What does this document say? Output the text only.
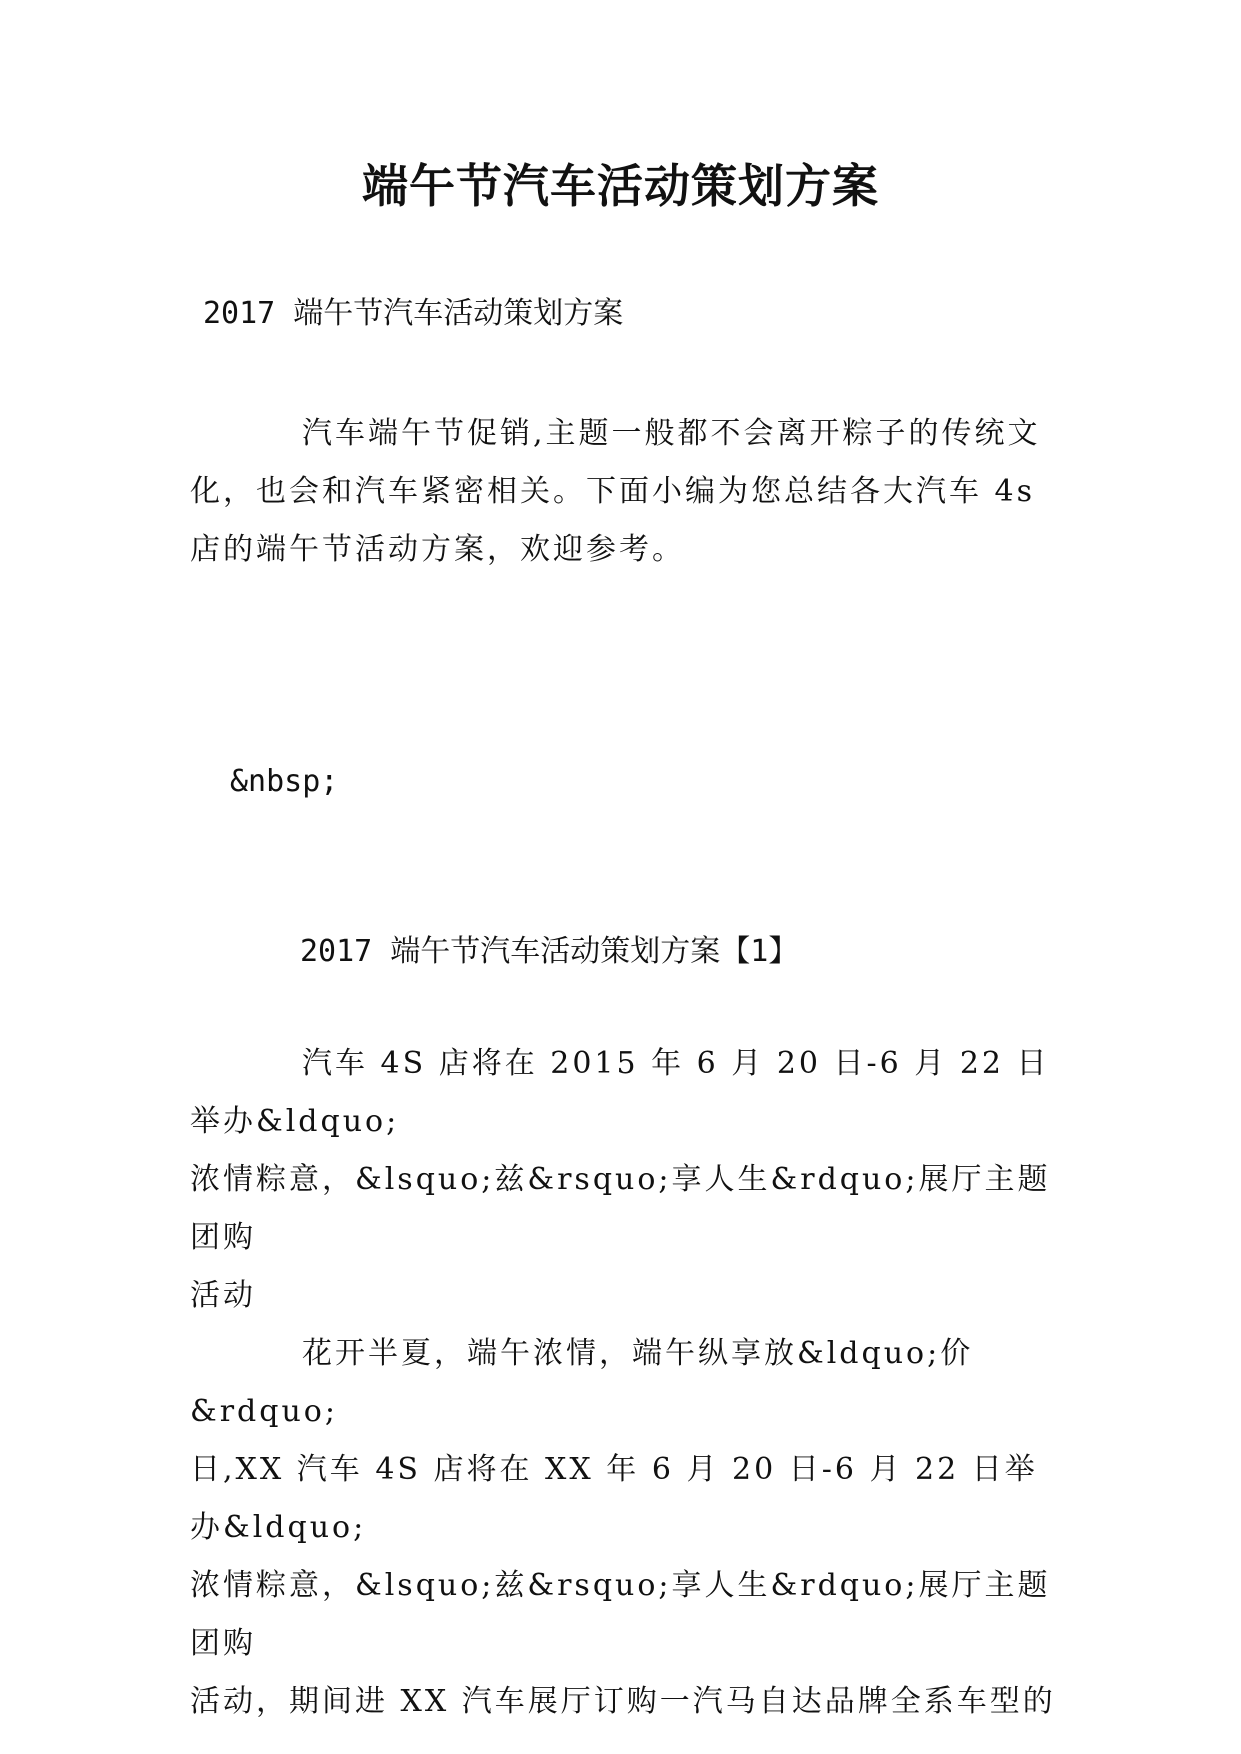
端午节汽车活动策划方案

2017 端午节汽车活动策划方案

汽车端午节促销,主题一般都不会离开粽子的传统文
化，也会和汽车紧密相关。下面小编为您总结各大汽车 4s
店的端午节活动方案，欢迎参考。

&nbsp;

2017 端午节汽车活动策划方案【1】

汽车 4S 店将在 2015 年 6 月 20 日-6 月 22 日举办&ldquo;
浓情粽意，&lsquo;兹&rsquo;享人生&rdquo;展厅主题团购
活动

花开半夏，端午浓情，端午纵享放&ldquo;价&rdquo;
日,XX 汽车 4S 店将在 XX 年 6 月 20 日-6 月 22 日举办&ldquo;
浓情粽意，&lsquo;兹&rsquo;享人生&rdquo;展厅主题团购
活动，期间进 XX 汽车展厅订购一汽马自达品牌全系车型的
